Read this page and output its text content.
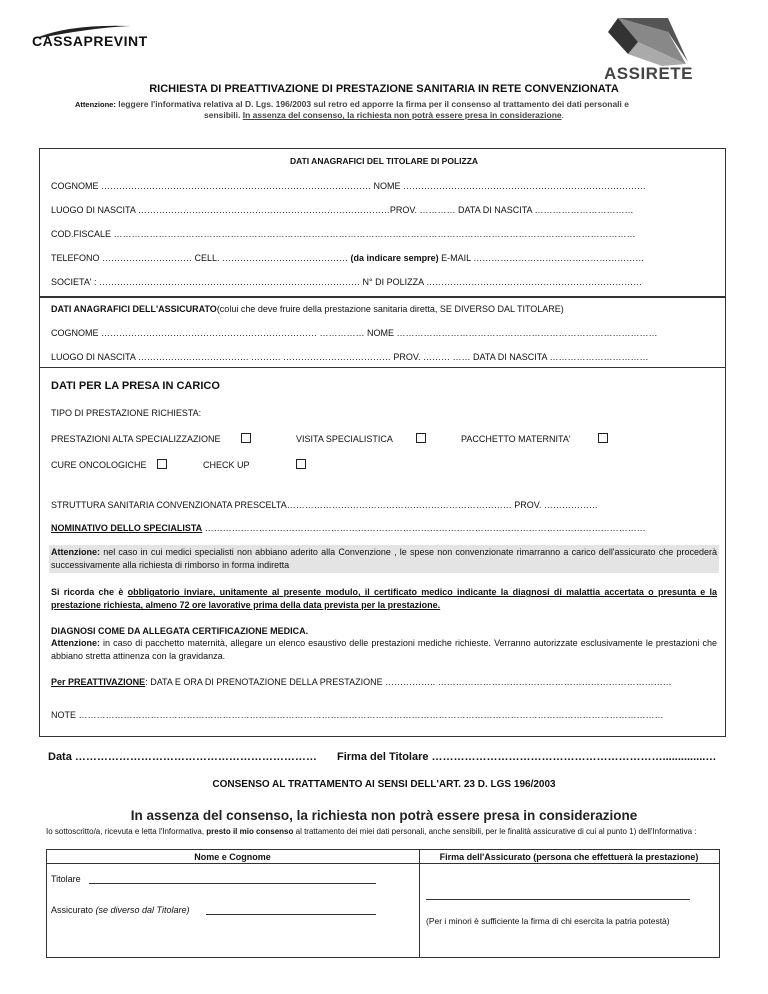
CASSAPREVINT
ASSIRETE
RICHIESTA DI PREATTIVAZIONE DI PRESTAZIONE SANITARIA IN RETE CONVENZIONATA
Attenzione: leggere l'informativa relativa al D. Lgs. 196/2003 sul retro ed apporre la firma per il consenso al trattamento dei dati personali e
sensibili. In assenza del consenso, la richiesta non potrà essere presa in considerazione.
DATI ANAGRAFICI DEL TITOLARE DI POLIZZA
COGNOME ……………………………………………………………………………… NOME ………………………………………………………………………
LUOGO DI NASCITA …………………………………………………………………………PROV. ………… DATA DI NASCITA ……………………………
COD.FISCALE …………………………………………………………………………………………………………………………………………………………
TELEFONO ………………………… CELL. …………………………………… (da indicare sempre) E-MAIL …………………………………………………
SOCIETA' : …………………………………………………………………………… N° DI POLIZZA ………………………………………………………………
DATI ANAGRAFICI DELL'ASSICURATO(colui che deve fruire della prestazione sanitaria diretta, SE DIVERSO DAL TITOLARE)
COGNOME ……………………………………………………………… …………… NOME ……………………………………………………………………………
LUOGO DI NASCITA ………………………………. ………. ……………………………… PROV. ……… …… DATA DI NASCITA ……………………………
DATI PER LA PRESA IN CARICO
TIPO DI PRESTAZIONE RICHIESTA:
PRESTAZIONI ALTA SPECIALIZZAZIONE	VISITA SPECIALISTICA	PACCHETTO MATERNITA'
CURE ONCOLOGICHE	CHECK UP
STRUTTURA SANITARIA CONVENZIONATA PRESCELTA………………………………………………………………… PROV. ………………
NOMINATIVO DELLO SPECIALISTA …………………………………………………………………………………………………………………………………
Attenzione: nel caso in cui medici specialisti non abbiano aderito alla Convenzione , le spese non convenzionate rimarranno a carico dell'assicurato che procederà successivamente alla richiesta di rimborso in forma indiretta
Si ricorda che è obbligatorio inviare, unitamente al presente modulo, il certificato medico indicante la diagnosi di malattia accertata o presunta e la prestazione richiesta, almeno 72 ore lavorative prima della data prevista per la prestazione.
DIAGNOSI COME DA ALLEGATA CERTIFICAZIONE MEDICA.
Attenzione: in caso di pacchetto maternità, allegare un elenco esaustivo delle prestazioni mediche richieste. Verranno autorizzate esclusivamente le prestazioni che abbiano stretta attinenza con la gravidanza.
Per PREATTIVAZIONE: DATA E ORA DI PRENOTAZIONE DELLA PRESTAZIONE …………….. ……………………………………………………………………
NOTE ……………………………………………………………………………………………………………………………………………………………………………
Data ………………………………………………………… Firma del Titolare ………………………………………………………..............…
CONSENSO AL TRATTAMENTO AI SENSI DELL'ART. 23 D. LGS 196/2003
In assenza del consenso, la richiesta non potrà essere presa in considerazione
Io sottoscritto/a, ricevuta e letta l'Informativa, presto il mio consenso al trattamento dei miei dati personali, anche sensibili, per le finalità assicurative di cui al punto 1) dell'Informativa :
Nome e Cognome	Firma dell'Assicurato (persona che effettuerà la prestazione)
Titolare
Assicurato (se diverso dal Titolare)
(Per i minori è sufficiente la firma di chi esercita la patria potestà)
